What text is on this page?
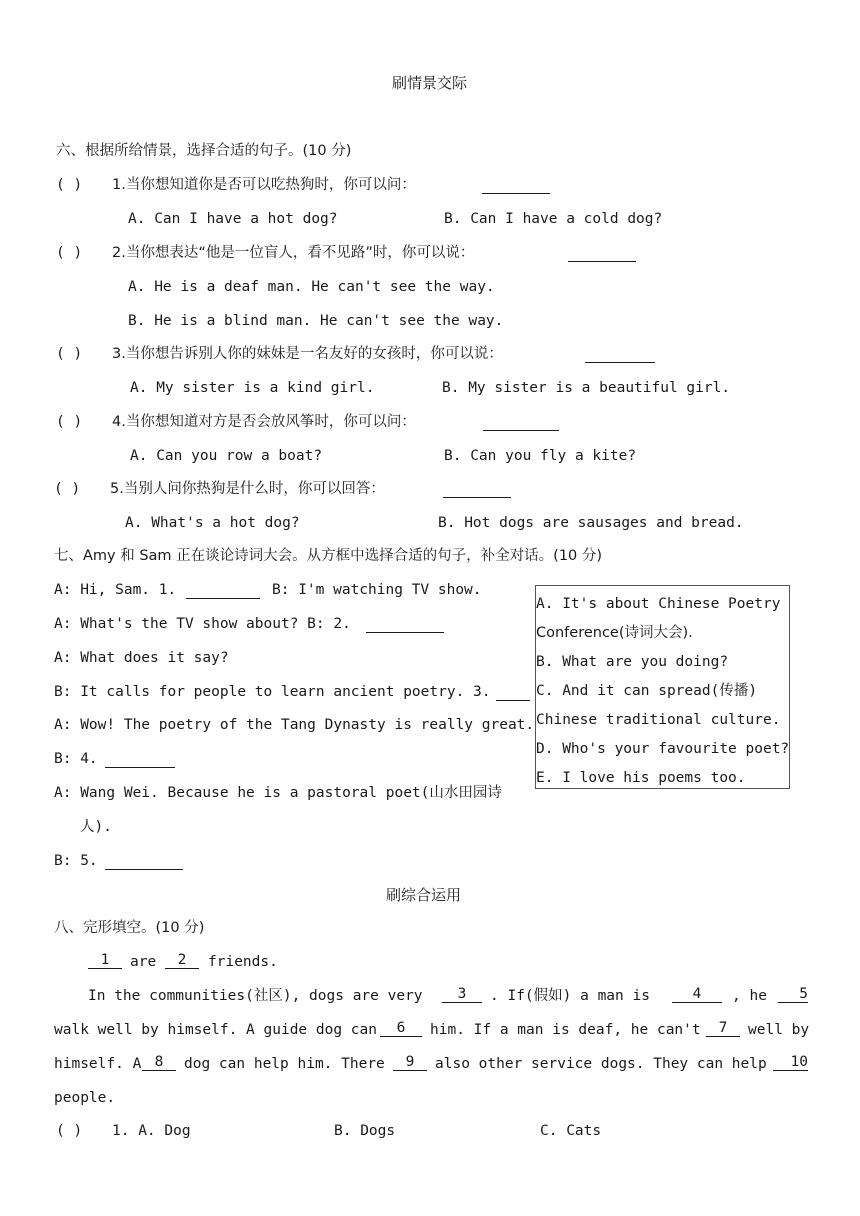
刷情景交际
六、根据所给情景，选择合适的句子。(10 分)
( ) 1.当你想知道你是否可以吃热狗时，你可以问：
A. Can I have a hot dog?	B. Can I have a cold dog?
( ) 2.当你想表达“他是一位盲人，看不见路”时，你可以说：
A. He is a deaf man. He can't see the way.
B. He is a blind man. He can't see the way.
( ) 3.当你想告诉别人你的妹妹是一名友好的女孩时，你可以说：
A. My sister is a kind girl.	B. My sister is a beautiful girl.
( ) 4.当你想知道对方是否会放风筝时，你可以问：
A. Can you row a boat?	B. Can you fly a kite?
( ) 5.当别人问你热狗是什么时，你可以回答：
A. What's a hot dog?	B. Hot dogs are sausages and bread.
七、Amy 和 Sam 正在谈论诗词大会。从方框中选择合适的句子，补全对话。(10 分)
A: Hi, Sam. 1.	B: I'm watching TV show.
A: What's the TV show about? B: 2.
A: What does it say?
B: It calls for people to learn ancient poetry. 3.
A: Wow! The poetry of the Tang Dynasty is really great.
B: 4.
A: Wang Wei. Because he is a pastoral poet(山水田园诗
人).
B: 5.
A. It's about Chinese Poetry
Conference(诗词大会).
B. What are you doing?
C. And it can spread(传播)
Chinese traditional culture.
D. Who's your favourite poet?
E. I love his poems too.
刷综合运用
八、完形填空。(10 分)
1	are	2	friends.
In the communities(社区), dogs are very	3	. If(假如) a man is	4	, he	5
walk well by himself. A guide dog can	6	him. If a man is deaf, he can't	7	well by
himself. A 8	dog can help him. There	9	also other service dogs. They can help	10
people.
( ) 1. A. Dog	B. Dogs	C. Cats
